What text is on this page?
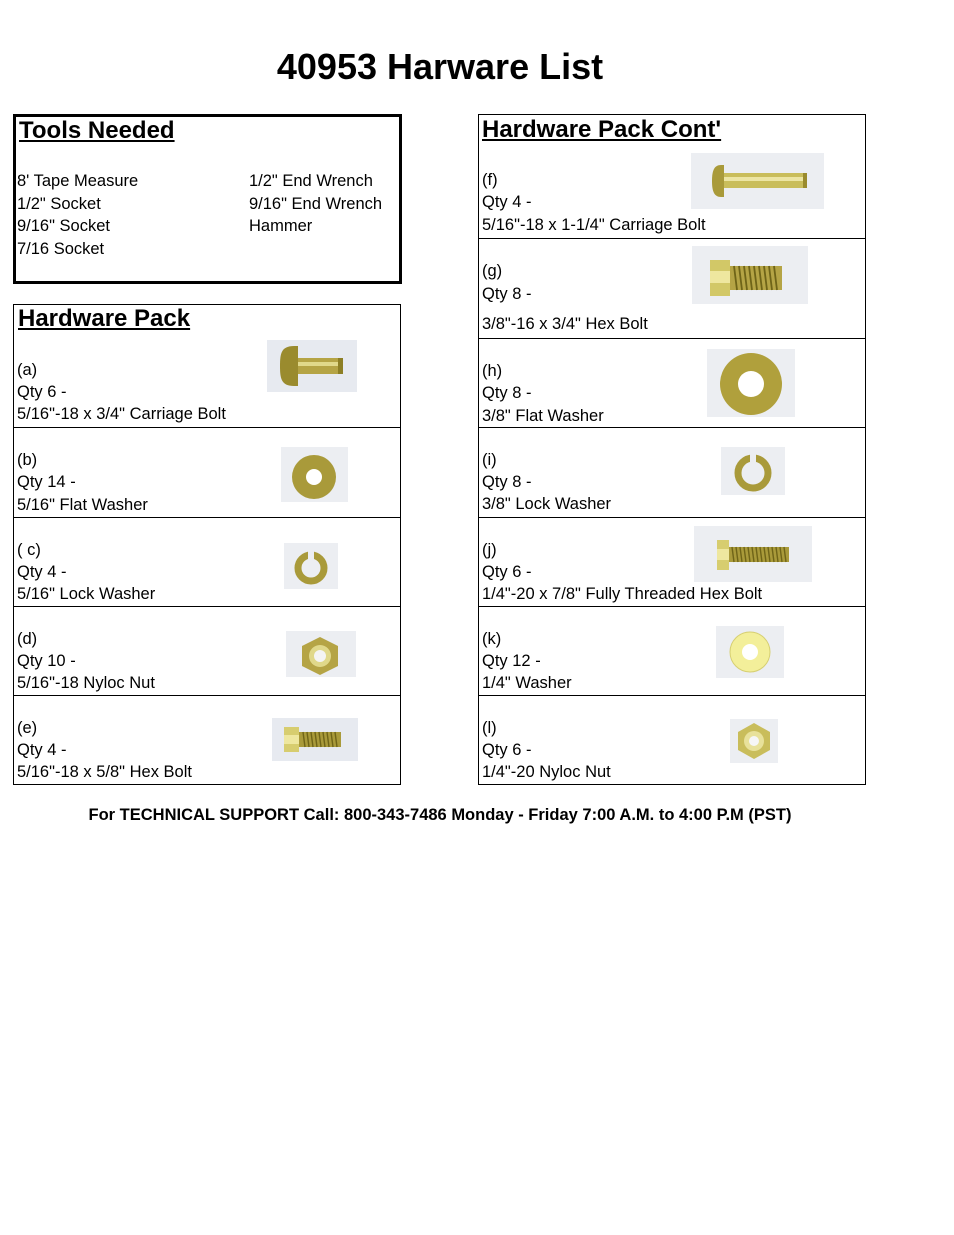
40953 Harware List
Tools Needed
8' Tape Measure
1/2" Socket
9/16" Socket
7/16 Socket
1/2" End Wrench
9/16" End Wrench
Hammer
Hardware Pack
(a)
Qty 6 -
5/16"-18 x 3/4" Carriage Bolt
(b)
Qty 14 -
5/16" Flat Washer
( c)
Qty 4 -
5/16" Lock Washer
(d)
Qty 10 -
5/16"-18 Nyloc Nut
(e)
Qty 4 -
5/16"-18 x 5/8" Hex Bolt
Hardware Pack Cont'
(f)
Qty 4 -
5/16"-18 x 1-1/4" Carriage Bolt
(g)
Qty 8 -
3/8"-16 x 3/4" Hex Bolt
(h)
Qty 8 -
3/8" Flat Washer
(i)
Qty 8 -
3/8" Lock Washer
(j)
Qty 6 -
1/4"-20 x 7/8" Fully Threaded Hex Bolt
(k)
Qty 12 -
1/4" Washer
(l)
Qty 6 -
1/4"-20 Nyloc Nut
For TECHNICAL SUPPORT Call: 800-343-7486 Monday - Friday 7:00 A.M. to 4:00 P.M (PST)
